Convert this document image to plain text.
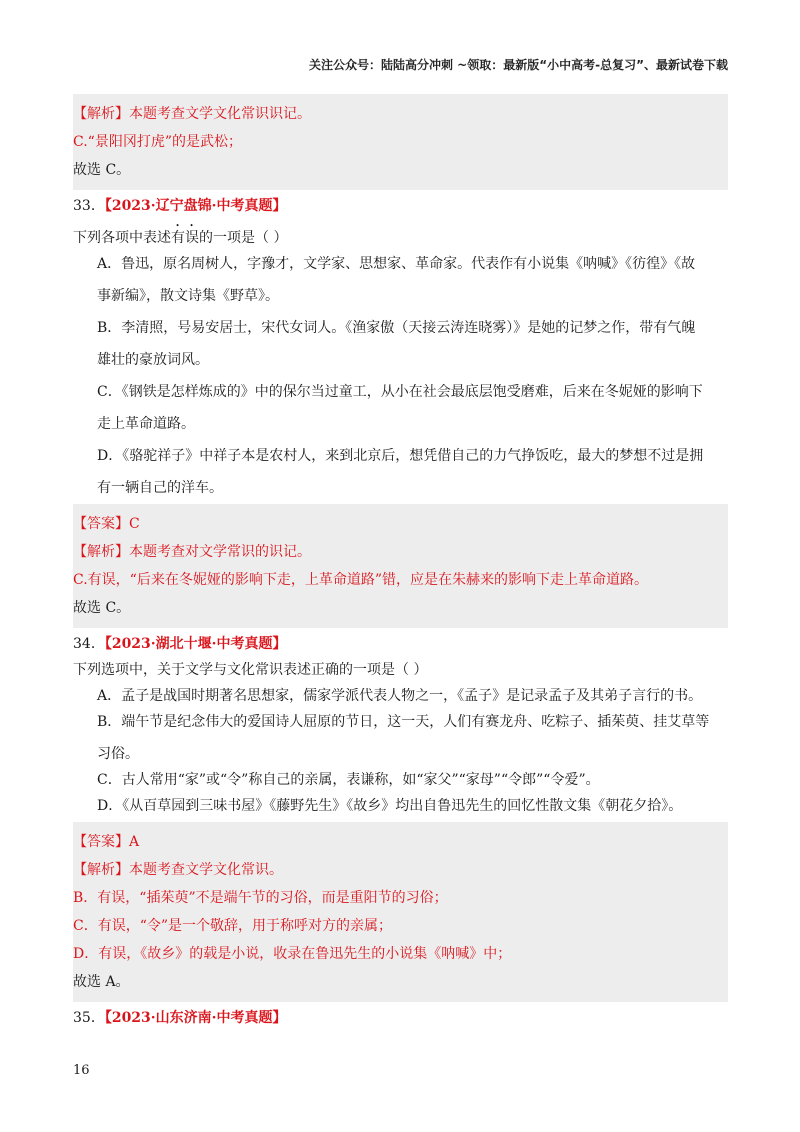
关注公众号：陆陆高分冲刺 ~领取：最新版“小中高考-总复习”、最新试卷下载
【解析】本题考查文学文化常识识记。
C.“景阳冈打虎”的是武松；
故选 C。
33．【2023·辽宁盘锦·中考真题】
下列各项中表述有误的一项是（ ）
A．鲁迅，原名周树人，字豫才，文学家、思想家、革命家。代表作有小说集《呐喊》《彷徨》《故
事新编》，散文诗集《野草》。
B．李清照，号易安居士，宋代女词人。《渔家傲（天接云涛连晓雾）》是她的记梦之作，带有气魄
雄壮的豪放词风。
C．《钢铁是怎样炼成的》中的保尔当过童工，从小在社会最底层饱受磨难，后来在冬妮娅的影响下
走上革命道路。
D．《骆驼祥子》中祥子本是农村人，来到北京后，想凭借自己的力气挣饭吃，最大的梦想不过是拥
有一辆自己的洋车。
【答案】C
【解析】本题考查对文学常识的识记。
C.有误，“后来在冬妮娅的影响下走，上革命道路”错，应是在朱赫来的影响下走上革命道路。
故选 C。
34．【2023·湖北十堰·中考真题】
下列选项中，关于文学与文化常识表述正确的一项是（ ）
A．孟子是战国时期著名思想家，儒家学派代表人物之一，《孟子》是记录孟子及其弟子言行的书。
B．端午节是纪念伟大的爱国诗人屈原的节日，这一天，人们有赛龙舟、吃粽子、插茱萸、挂艾草等
习俗。
C．古人常用“家”或“令”称自己的亲属，表谦称，如“家父”“家母”“令郎”“令爱”。
D．《从百草园到三味书屋》《藤野先生》《故乡》均出自鲁迅先生的回忆性散文集《朝花夕拾》。
【答案】A
【解析】本题考查文学文化常识。
B．有误，“插茱萸”不是端午节的习俗，而是重阳节的习俗；
C．有误，“令”是一个敬辞，用于称呼对方的亲属；
D．有误，《故乡》的载是小说，收录在鲁迅先生的小说集《呐喊》中；
故选 A。
35．【2023·山东济南·中考真题】
16
